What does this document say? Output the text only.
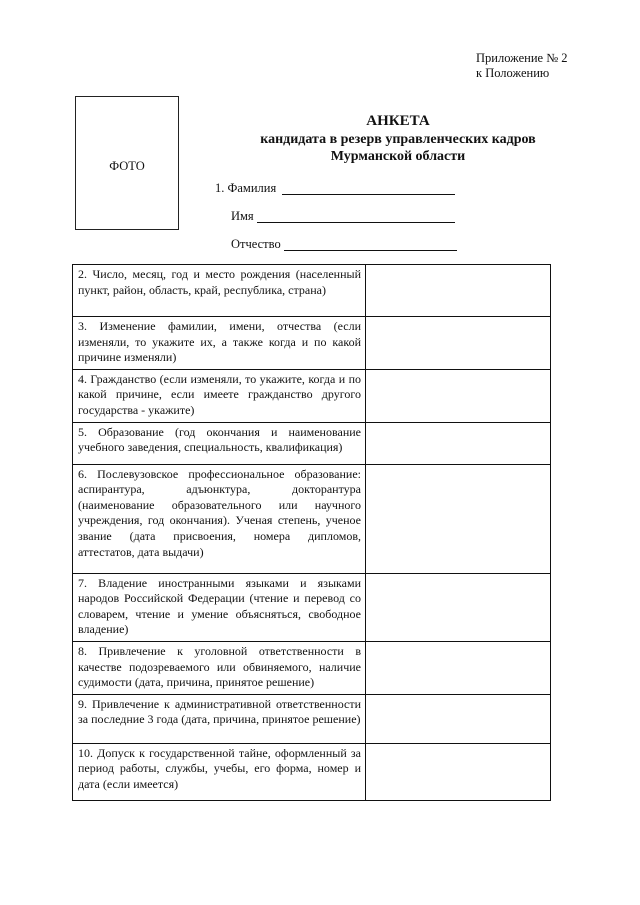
Приложение № 2
к Положению
ФОТО
АНКЕТА
кандидата в резерв управленческих кадров
Мурманской области
1. Фамилия
Имя
Отчество
2. Число, месяц, год и место рождения (населенный пункт, район, область, край, республика, страна)	
3. Изменение фамилии, имени, отчества (если изменяли, то укажите их, а также когда и по какой причине изменяли)	
4. Гражданство (если изменяли, то укажите, когда и по какой причине, если имеете гражданство другого государства - укажите)	
5. Образование (год окончания и наименование учебного заведения, специальность, квалификация)	
6. Послевузовское профессиональное образование: аспирантура, адъюнктура, докторантура (наименование образовательного или научного учреждения, год окончания). Ученая степень, ученое звание (дата присвоения, номера дипломов, аттестатов, дата выдачи)	
7. Владение иностранными языками и языками народов Российской Федерации (чтение и перевод со словарем, чтение и умение объясняться, свободное владение)	
8. Привлечение к уголовной ответственности в качестве подозреваемого или обвиняемого, наличие судимости (дата, причина, принятое решение)	
9. Привлечение к административной ответственности за последние 3 года (дата, причина, принятое решение)	
10. Допуск к государственной тайне, оформленный за период работы, службы, учебы, его форма, номер и дата (если имеется)	
